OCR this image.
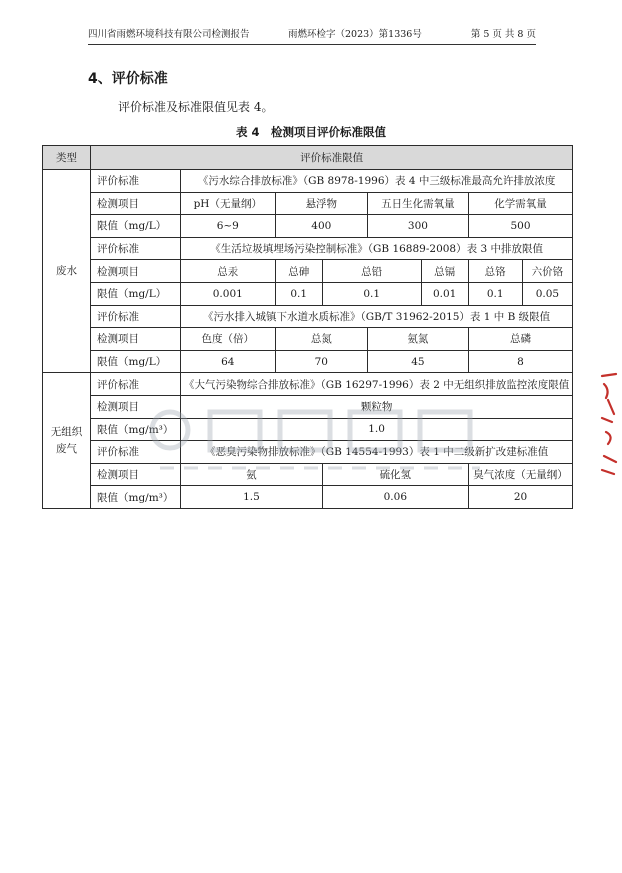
四川省雨燃环境科技有限公司检测报告	雨燃环检字（2023）第1336号	第 5 页 共 8 页
4、评价标准
评价标准及标准限值见表 4。
表 4　检测项目评价标准限值
类型	评价标准限值							
废水	评价标准	《污水综合排放标准》（GB 8978-1996）表 4 中三级标准最高允许排放浓度						
	检测项目	pH（无量纲）	悬浮物		五日生化需氧量		化学需氧量	
	限值（mg/L）	6~9	400		300		500	
	评价标准	《生活垃圾填埋场污染控制标准》（GB 16889-2008）表 3 中排放限值						
	检测项目	总汞	总砷	总铅		总镉	总铬	六价铬
	限值（mg/L）	0.001	0.1	0.1		0.01	0.1	0.05
	评价标准	《污水排入城镇下水道水质标准》（GB/T 31962-2015）表 1 中 B 级限值						
	检测项目	色度（倍）	总氮		氨氮		总磷	
	限值（mg/L）	64	70		45		8	
无组织废气	评价标准	《大气污染物综合排放标准》（GB 16297-1996）表 2 中无组织排放监控浓度限值						
	检测项目	颗粒物						
	限值（mg/m³）	1.0						
	评价标准	《恶臭污染物排放标准》（GB 14554-1993）表 1 中二级新扩改建标准值						
	检测项目	氨		硫化氢			臭气浓度（无量纲）	
	限值（mg/m³）	1.5		0.06			20	
